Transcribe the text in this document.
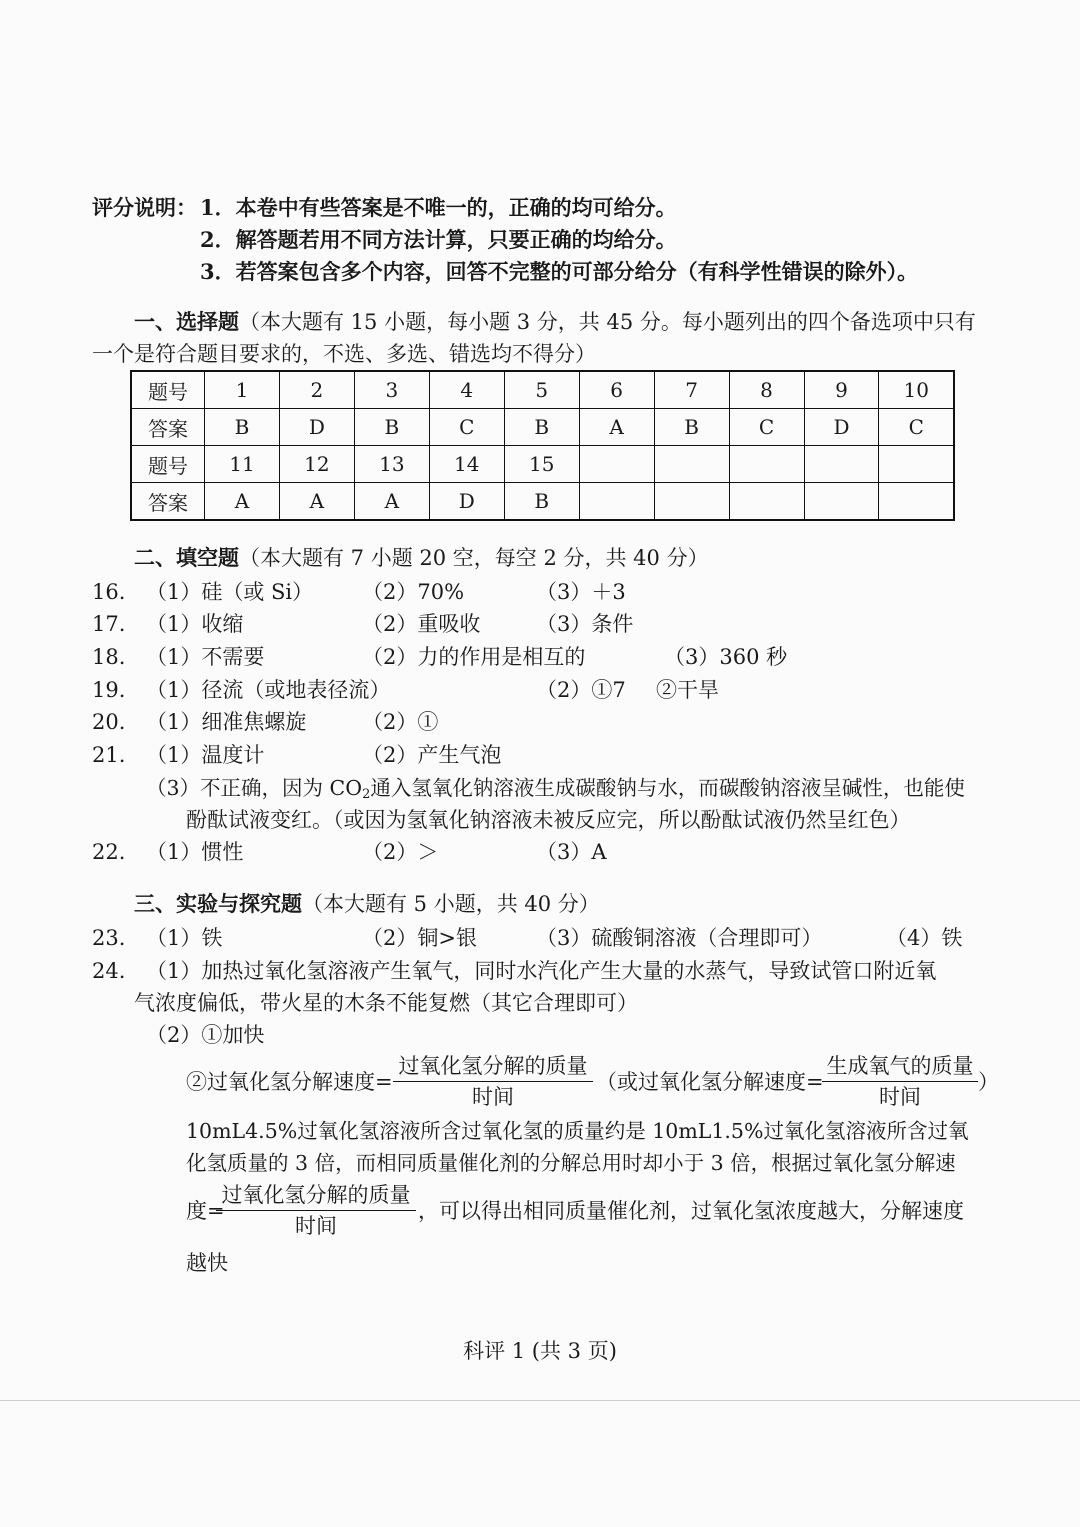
评分说明： 1．本卷中有些答案是不唯一的，正确的均可给分。
2．解答题若用不同方法计算，只要正确的均给分。
3．若答案包含多个内容，回答不完整的可部分给分（有科学性错误的除外）。
一、选择题（本大题有 15 小题，每小题 3 分，共 45 分。每小题列出的四个备选项中只有
一个是符合题目要求的，不选、多选、错选均不得分）
题号	1	2	3	4	5	6	7	8	9	10
答案	B	D	B	C	B	A	B	C	D	C
题号	11	12	13	14	15					
答案	A	A	A	D	B					
二、填空题（本大题有 7 小题 20 空，每空 2 分，共 40 分）
16. （1）硅（或 Si） （2）70%	（3）＋3
17. （1）收缩	（2）重吸收	（3）条件
18. （1）不需要	（2）力的作用是相互的	（3）360 秒
19. （1）径流（或地表径流）	（2）①7 ②干旱
20. （1）细准焦螺旋	（2）①
21. （1）温度计	（2）产生气泡
（3）不正确，因为 $CO_2$通入氢氧化钠溶液生成碳酸钠与水，而碳酸钠溶液呈碱性，也能使
酚酞试液变红。（或因为氢氧化钠溶液未被反应完，所以酚酞试液仍然呈红色）
22. （1）惯性	（2）＞	（3）A
三、实验与探究题（本大题有 5 小题，共 40 分）
23. （1）铁	（2）铜>银	（3）硫酸铜溶液（合理即可）	（4）铁
24. （1）加热过氧化氢溶液产生氧气，同时水汽化产生大量的水蒸气，导致试管口附近氧
气浓度偏低，带火星的木条不能复燃（其它合理即可）
（2）①加快
②过氧化氢分解速度=
过氧化氢分解的质量
时间
（或过氧化氢分解速度=
生成氧气的质量
时间
）
10mL4.5%过氧化氢溶液所含过氧化氢的质量约是 10mL1.5%过氧化氢溶液所含过氧
化氢质量的 3 倍，而相同质量催化剂的分解总用时却小于 3 倍，根据过氧化氢分解速
度=
过氧化氢分解的质量
时间
，可以得出相同质量催化剂，过氧化氢浓度越大，分解速度
越快
科评 1 (共 3 页)
